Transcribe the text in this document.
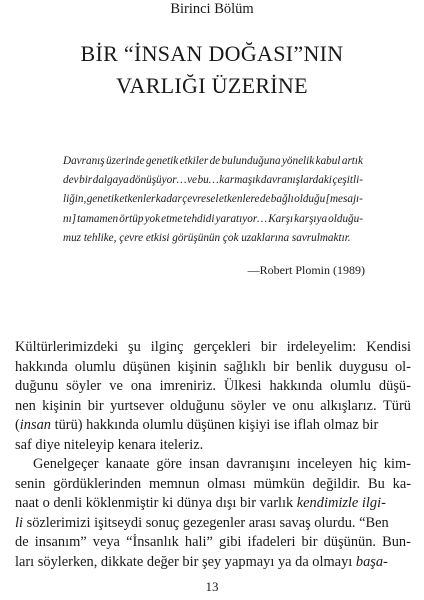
Birinci Bölüm
BİR “İNSAN DOĞASI”NIN
VARLIĞI ÜZERİNE
Davranış üzerinde genetik etkiler de bulunduğuna yönelik kabul artık
dev bir dalgaya dönüşüyor… ve bu… karmaşık davranışlardaki çeşitli-
liğin, genetik etkenler kadar çevresel etkenlere de bağlı olduğu [mesajı-
nı] tamamen örtüp yok etme tehdidi yaratıyor… Karşı karşıya olduğu-
muz tehlike, çevre etkisi görüşünün çok uzaklarına savrulmaktır.
—Robert Plomin (1989)
Kültürlerimizdeki şu ilginç gerçekleri bir irdeleyelim: Kendisi
hakkında olumlu düşünen kişinin sağlıklı bir benlik duygusu ol-
duğunu söyler ve ona imreniriz. Ülkesi hakkında olumlu düşü-
nen kişinin bir yurtsever olduğunu söyler ve onu alkışlarız. Türü
(insan türü) hakkında olumlu düşünen kişiyi ise iflah olmaz bir
saf diye niteleyip kenara iteleriz.
Genelgeçer kanaate göre insan davranışını inceleyen hiç kim-
senin gördüklerinden memnun olması mümkün değildir. Bu ka-
naat o denli köklenmiştir ki dünya dışı bir varlık kendimizle ilgi-
li sözlerimizi işitseydi sonuç gezegenler arası savaş olurdu. “Ben
de insanım” veya “İnsanlık hali” gibi ifadeleri bir düşünün. Bun-
ları söylerken, dikkate değer bir şey yapmayı ya da olmayı başa-
13
